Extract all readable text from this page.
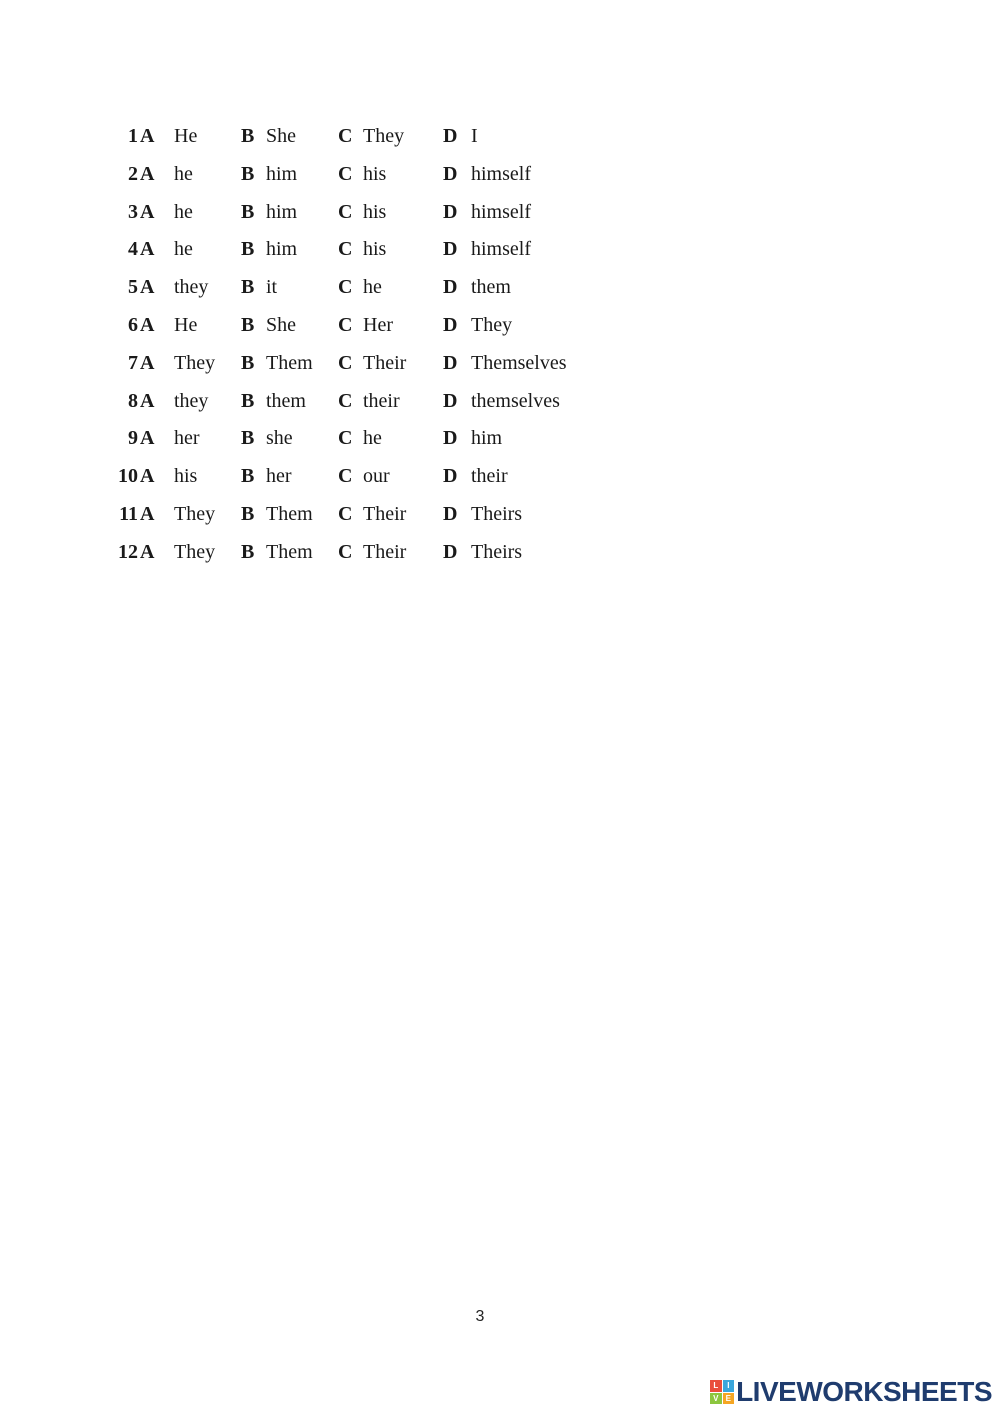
1 A He B She C They D I
2 A he B him C his	D himself
3 A he B him C his	D himself
4 A he B him C his	D himself
5 A they B it	C he	D them
6 A He B She C Her	D They
7 A They B Them C Their D Themselves
8 A they B them C their D themselves
9 A her B she C he	D him
10 A his B her C our	D their
11 A They B Them C Their D Theirs
12 A They B Them C Their D Theirs
3
L	I
V E LIVEWORKSHEETS
